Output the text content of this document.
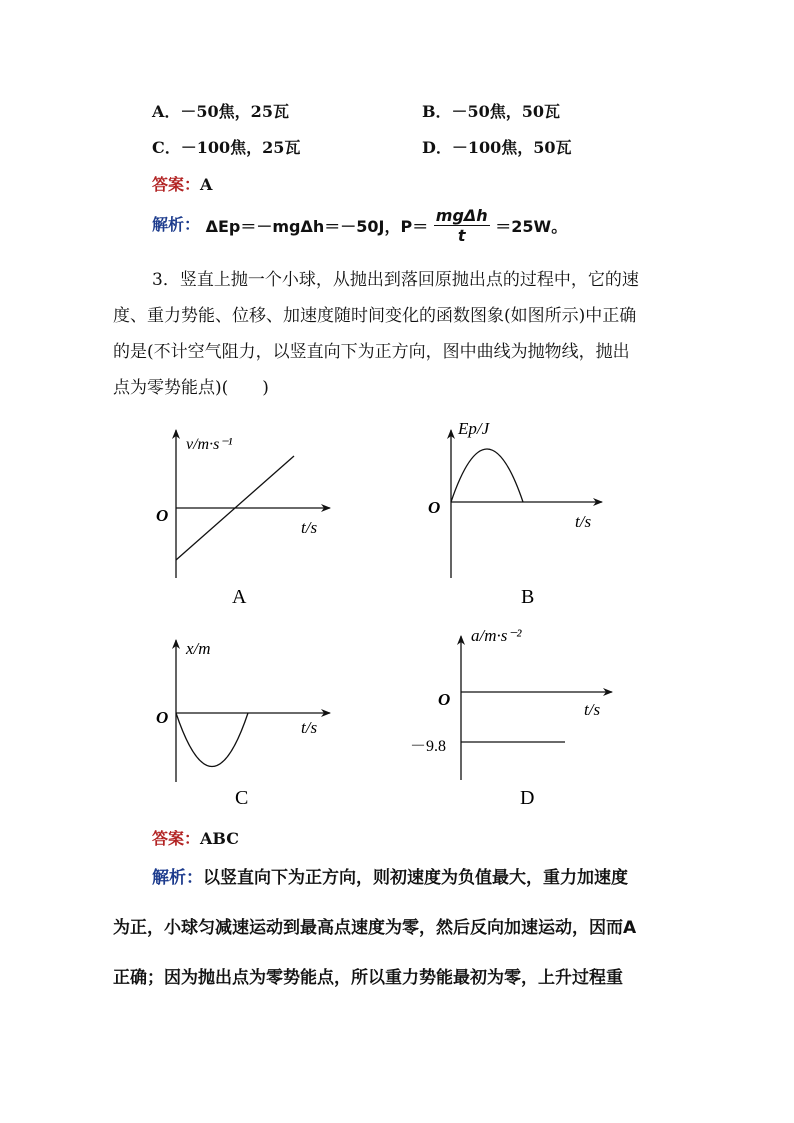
A．－50焦，25瓦	B．－50焦，50瓦
C．－100焦，25瓦	D．－100焦，50瓦
答案：A
解析： ΔEp＝－mgΔh＝－50J，$P= \frac{\text{mgΔh}}{t} =25W$。
3．竖直上抛一个小球，从抛出到落回原抛出点的过程中，它的速
度、重力势能、位移、加速度随时间变化的函数图象(如图所示)中正确
的是(不计空气阻力，以竖直向下为正方向，图中曲线为抛物线，抛出
点为零势能点)(　　)
v/m·s⁻¹
t/s
O
A
Ep/J
t/s
O
B
x/m
t/s
O
C
a/m·s⁻²
t/s
O
－9.8
D
答案：ABC
解析：以竖直向下为正方向，则初速度为负值最大，重力加速度
为正，小球匀减速运动到最高点速度为零，然后反向加速运动，因而A
正确；因为抛出点为零势能点，所以重力势能最初为零，上升过程重
